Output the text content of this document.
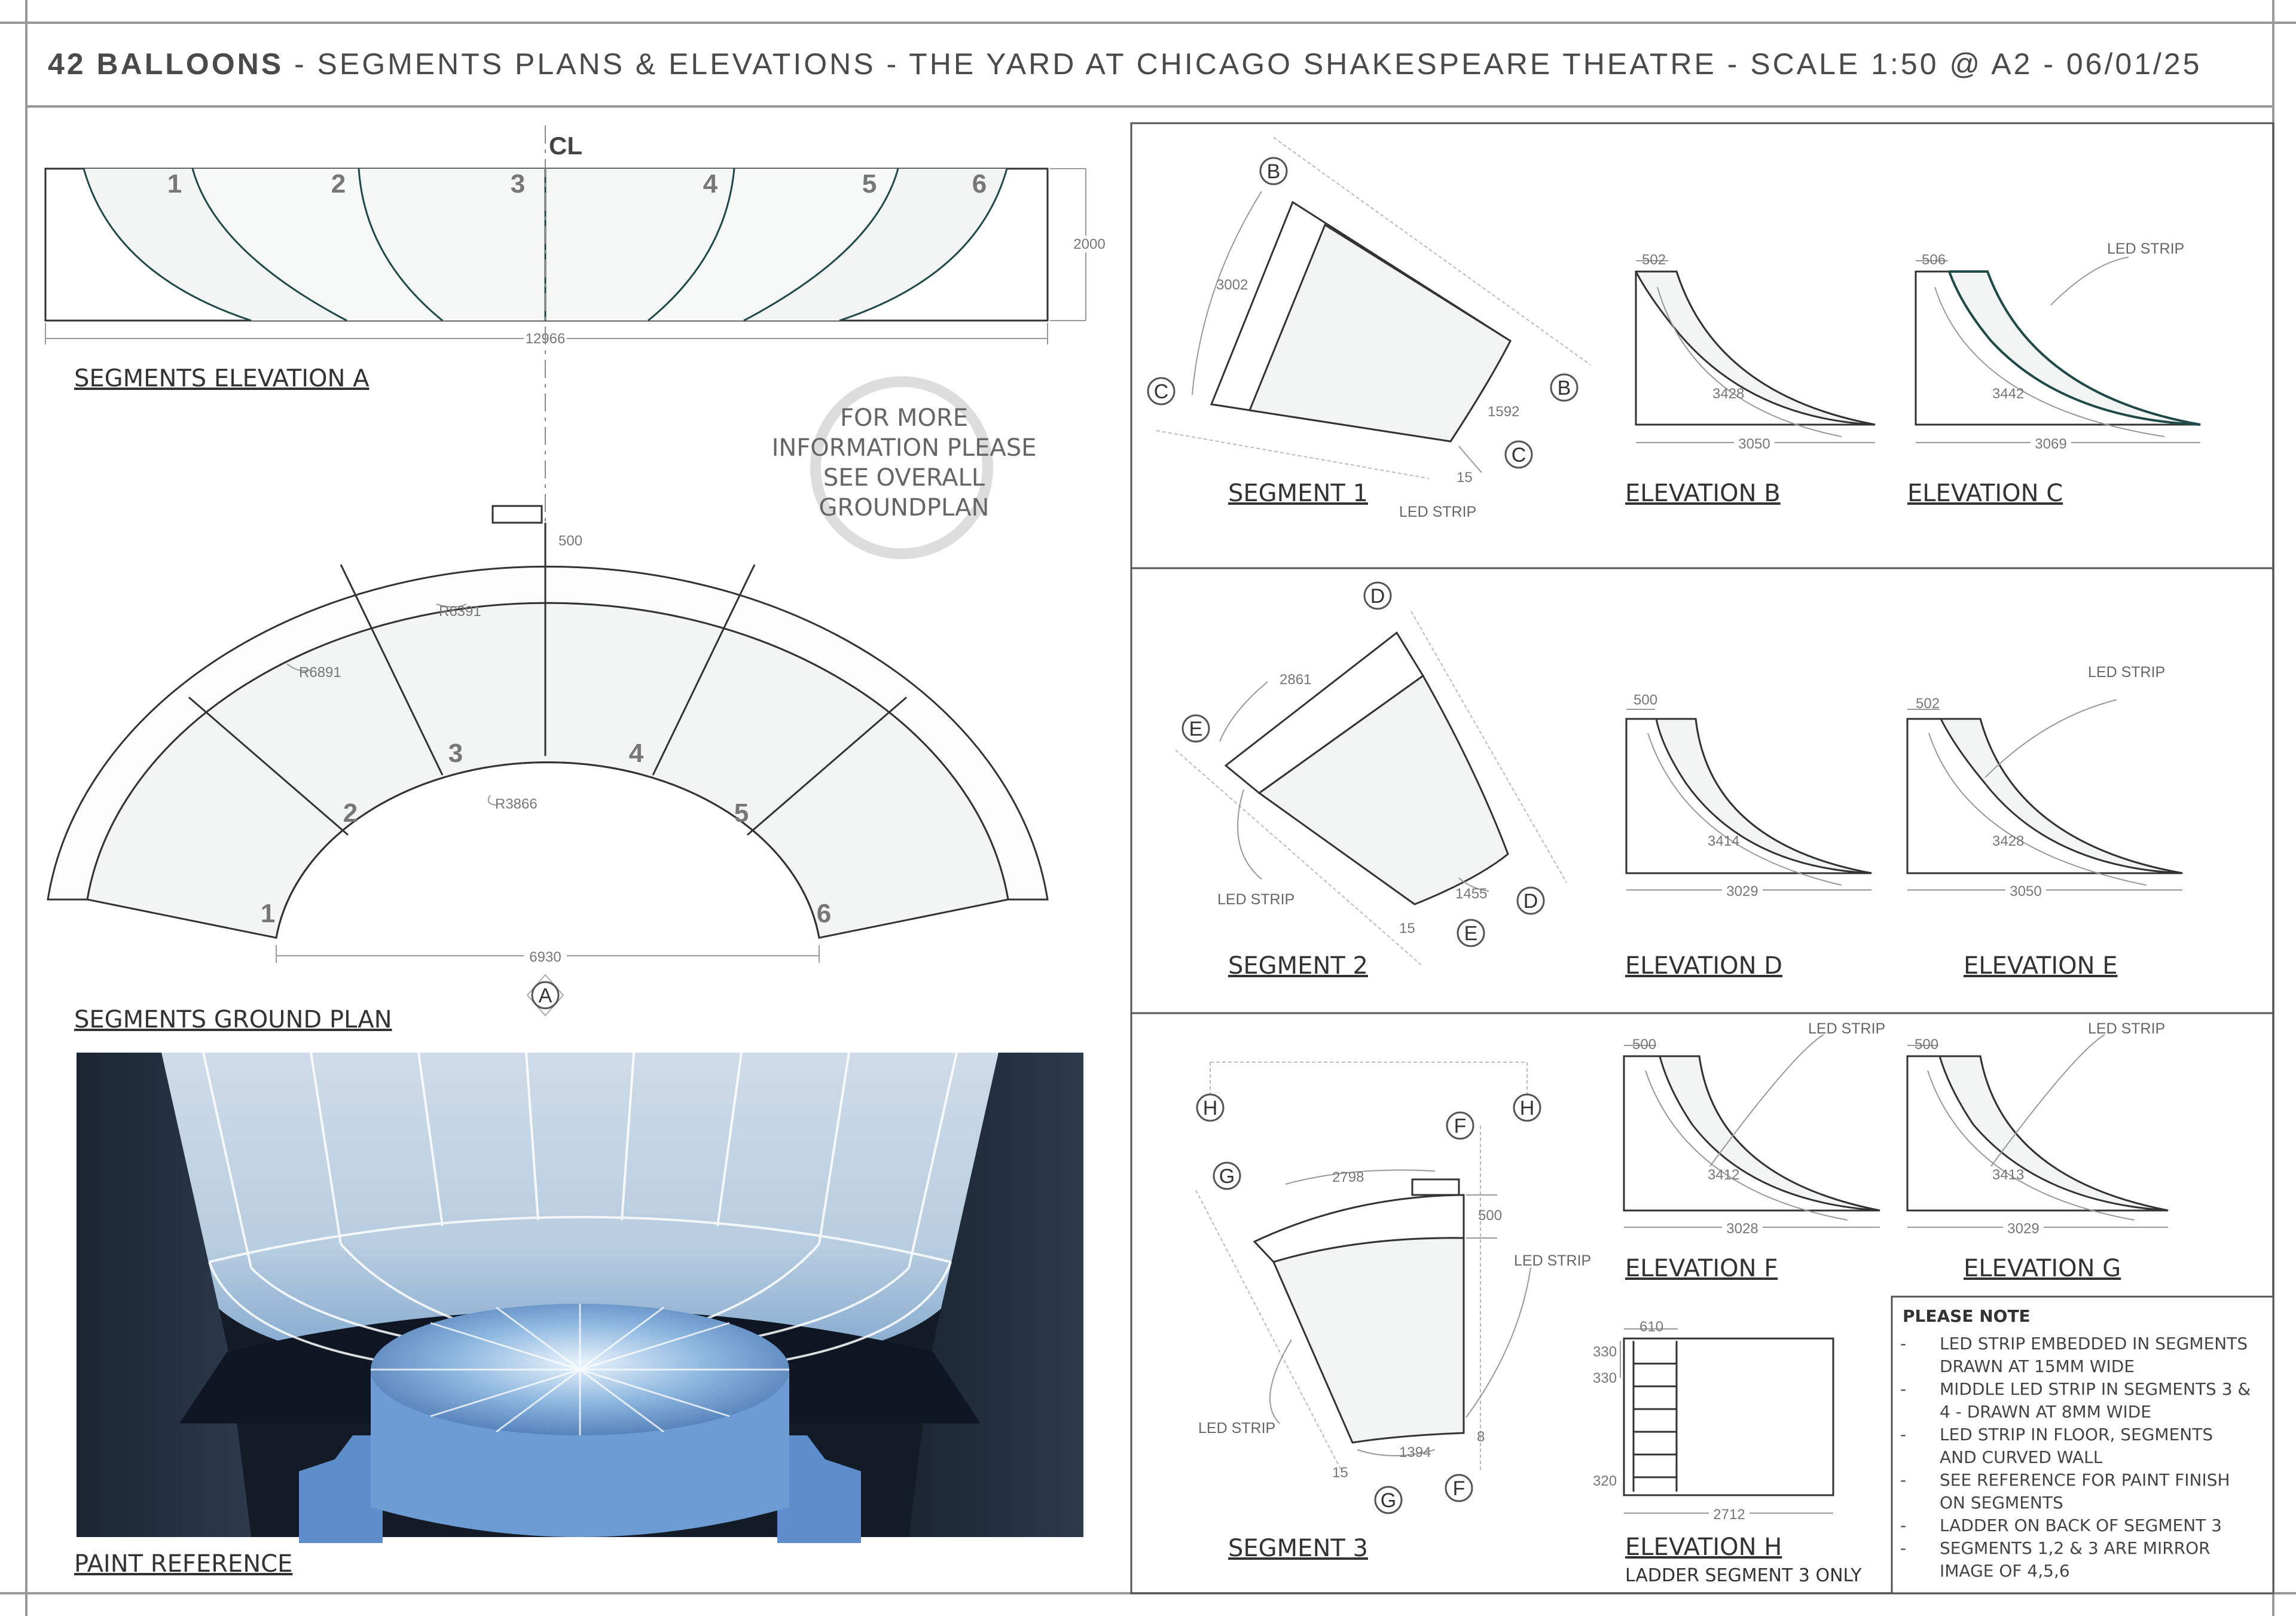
42 BALLOONS - SEGMENTS PLANS & ELEVATIONS - THE YARD AT CHICAGO SHAKESPEARE THEATRE - SCALE 1:50 @ A2 - 06/01/25
1	2	3	4	5	6
2000
12966
SEGMENTS ELEVATION A
CL
FOR MORE
INFORMATION PLEASE
SEE OVERALL
GROUNDPLAN
1
2
3	4
5
6
500
R6391
R6891
R3866
6930
A
SEGMENTS GROUND PLAN
PAINT REFERENCE
3002
1592
15
LED STRIP
B
B
C
C
SEGMENT 1
502
3428
3050
ELEVATION B
506
3442
3069
LED STRIP
ELEVATION C
2861
1455
15
LED STRIP
D
D
E
E
SEGMENT 2
500
3414
3029
ELEVATION D
502
3428
3050
LED STRIP
ELEVATION E
2798
500
1394
15
8
LED STRIP
LED STRIP
H	H
F
G
G
F
SEGMENT 3
500
3412
3028
LED STRIP
ELEVATION F
500
3413
3029
LED STRIP
ELEVATION G
610
330
330
320
2712
ELEVATION H
LADDER SEGMENT 3 ONLY
PLEASE NOTE
- LED STRIP EMBEDDED IN SEGMENTS
DRAWN AT 15MM WIDE
- MIDDLE LED STRIP IN SEGMENTS 3 &
4 - DRAWN AT 8MM WIDE
- LED STRIP IN FLOOR, SEGMENTS
AND CURVED WALL
- SEE REFERENCE FOR PAINT FINISH
ON SEGMENTS
- LADDER ON BACK OF SEGMENT 3
- SEGMENTS 1,2 & 3 ARE MIRROR
IMAGE OF 4,5,6
